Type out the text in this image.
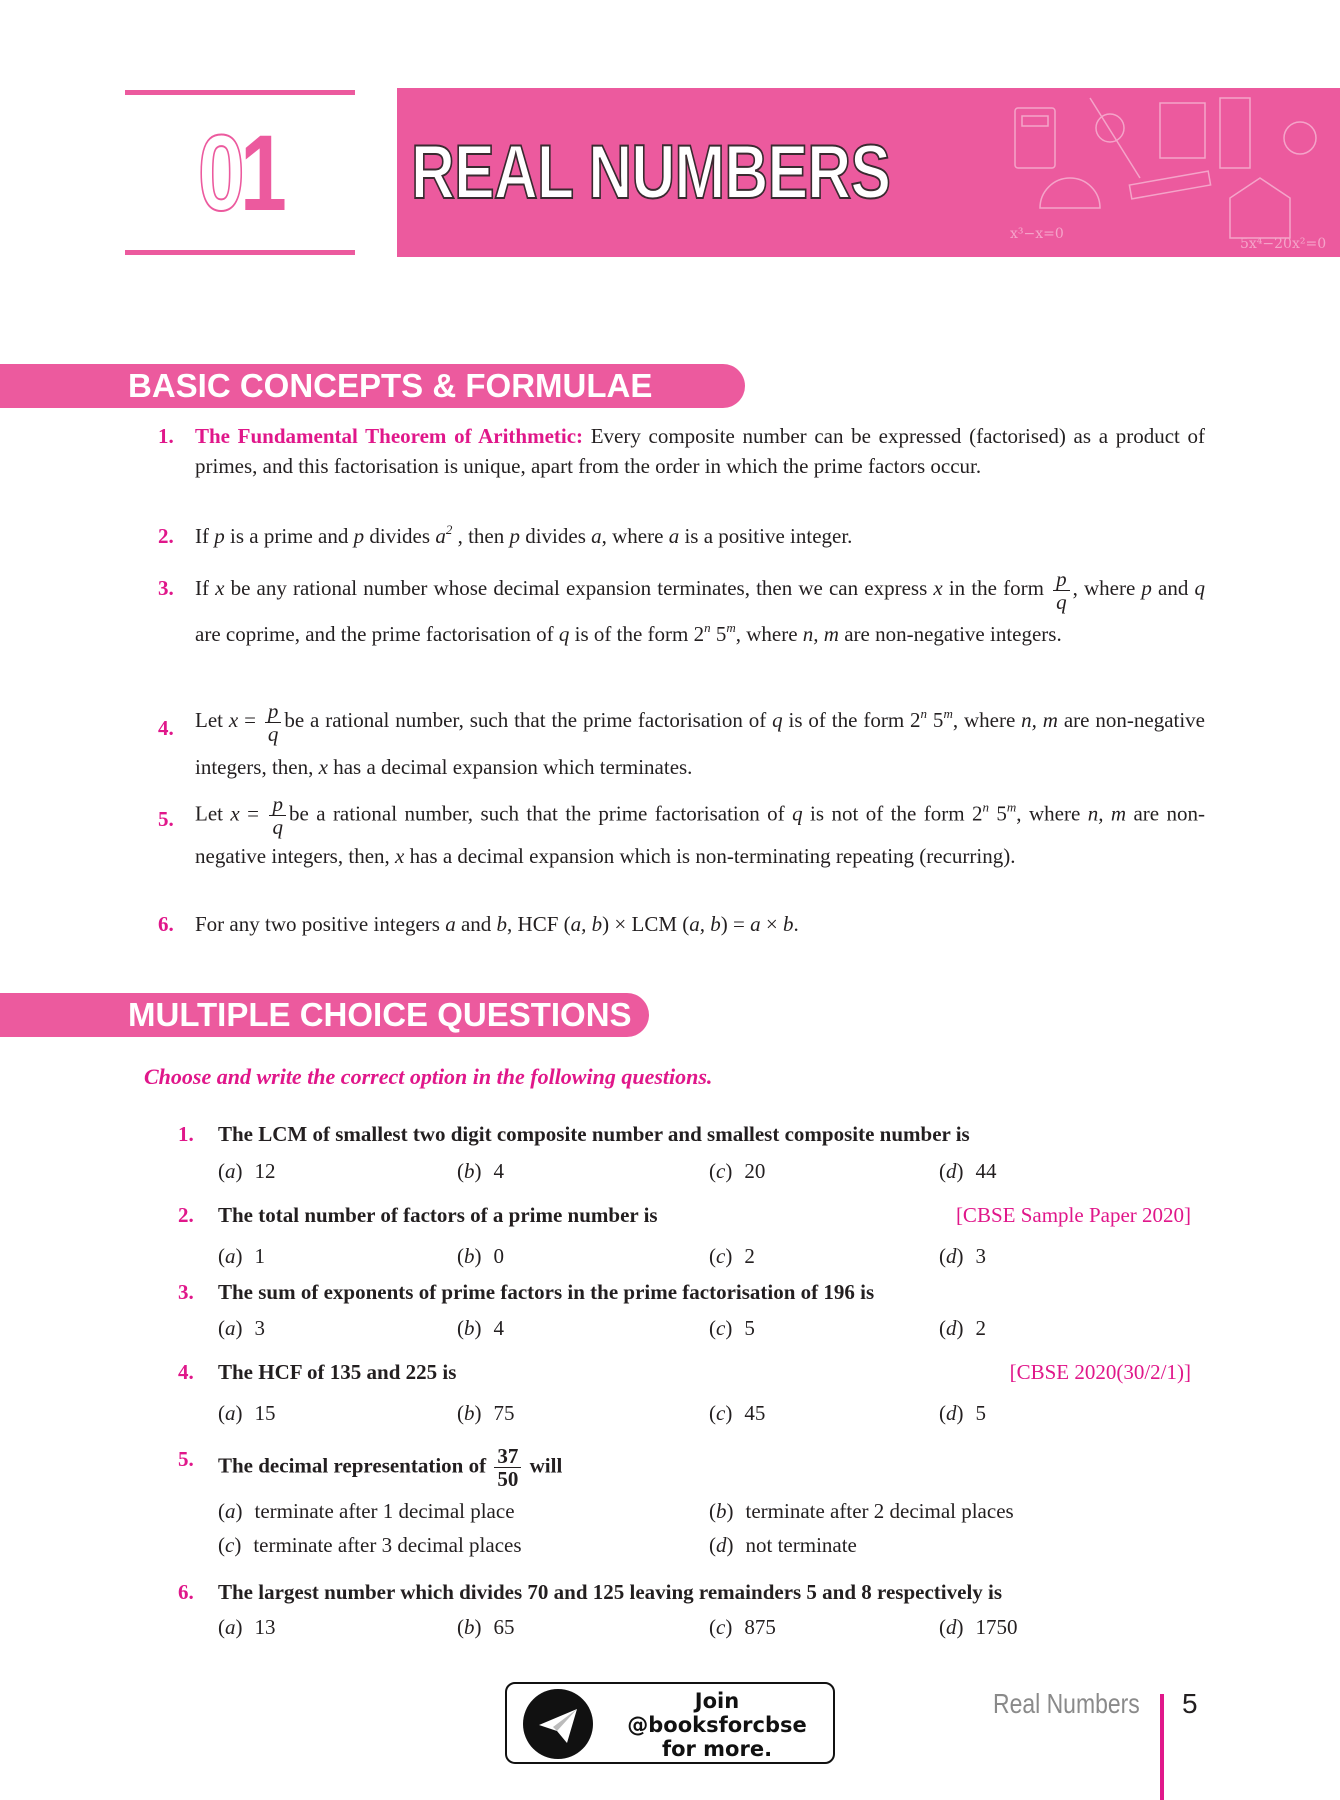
01	REAL NUMBERS
x³−x=0
5x⁴−20x²=0
BASIC CONCEPTS & FORMULAE
1. The Fundamental Theorem of Arithmetic: Every composite number can be expressed (factorised) as a product of primes, and this factorisation is unique, apart from the order in which the prime factors occur.
2. If p is a prime and p divides $a^2$ , then p divides a, where a is a positive integer.
3. If x be any rational number whose decimal expansion terminates, then we can express x in the form $\frac{p}{q}$ , where p and q are coprime, and the prime factorisation of q is of the form 2$^n$ 5$^m$, where n, m are non-negative integers.
4. Let $x = \frac{p}{q}$ be a rational number, such that the prime factorisation of q is of the form 2$^n$ 5$^m$, where n, m are non-negative integers, then, x has a decimal expansion which terminates.
5. Let $x = \frac{p}{q}$ be a rational number, such that the prime factorisation of q is not of the form 2$^n$ 5$^m$, where n, m are non-negative integers, then, x has a decimal expansion which is non-terminating repeating (recurring).
6. For any two positive integers a and b, HCF (a, b) × LCM (a, b) = a × b.
MULTIPLE CHOICE QUESTIONS
Choose and write the correct option in the following questions.
1. The LCM of smallest two digit composite number and smallest composite number is
(a) 12	(b) 4	(c) 20	(d) 44
2. The total number of factors of a prime number is	[CBSE Sample Paper 2020]
(a) 1	(b) 0	(c) 2	(d) 3
3. The sum of exponents of prime factors in the prime factorisation of 196 is
(a) 3	(b) 4	(c) 5	(d) 2
4. The HCF of 135 and 225 is	[CBSE 2020(30/2/1)]
(a) 15	(b) 75	(c) 45	(d) 5
5. The decimal representation of $\frac{37}{50}$ will
(a) terminate after 1 decimal place	(b) terminate after 2 decimal places
(c) terminate after 3 decimal places	(d) not terminate
6. The largest number which divides 70 and 125 leaving remainders 5 and 8 respectively is
(a) 13	(b) 65	(c) 875	(d) 1750
Join
@booksforcbse
for more.
Real Numbers 5
